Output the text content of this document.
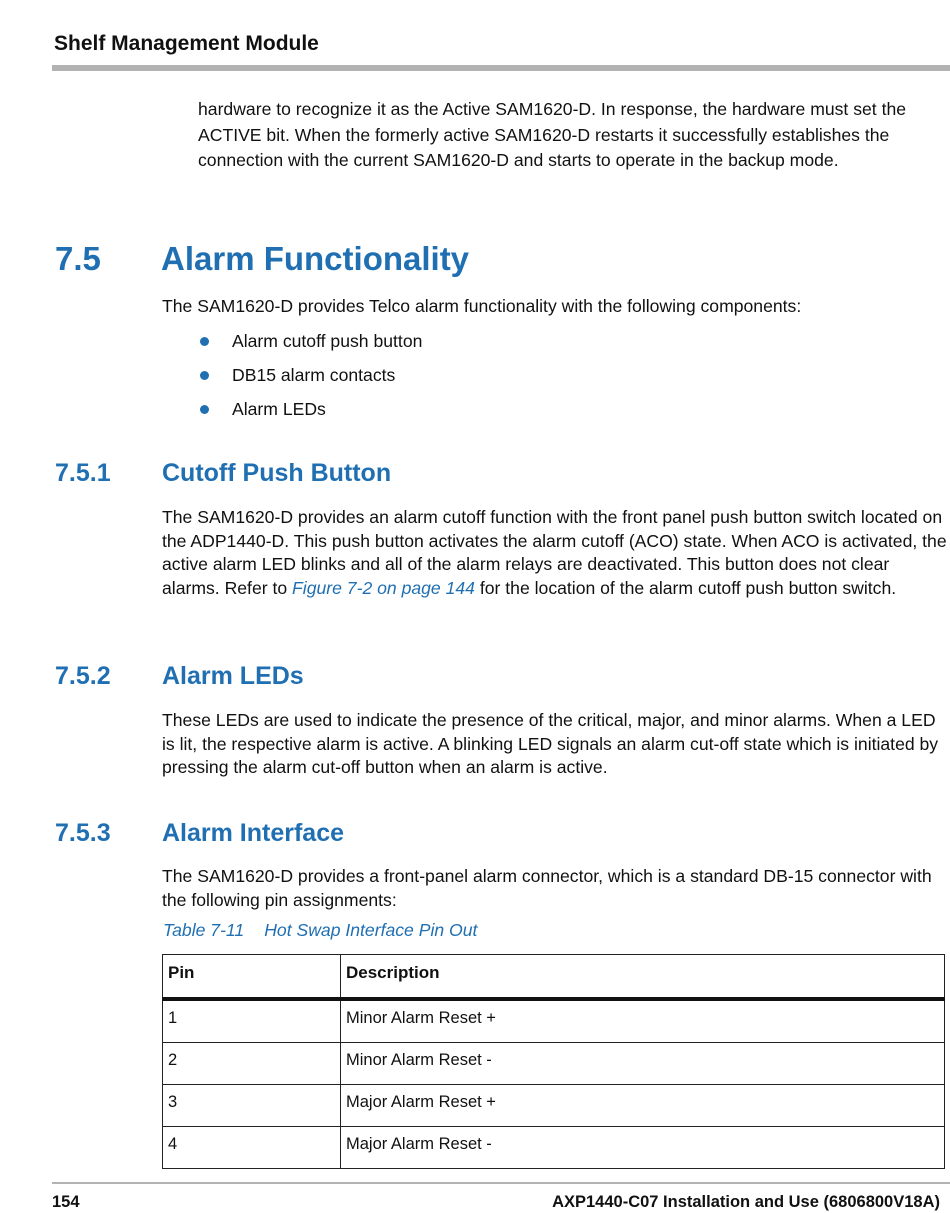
Shelf Management Module
hardware to recognize it as the Active SAM1620-D. In response, the hardware must set the ACTIVE bit. When the formerly active SAM1620-D restarts it successfully establishes the connection with the current SAM1620-D and starts to operate in the backup mode.
7.5 Alarm Functionality
The SAM1620-D provides Telco alarm functionality with the following components:
Alarm cutoff push button
DB15 alarm contacts
Alarm LEDs
7.5.1 Cutoff Push Button
The SAM1620-D provides an alarm cutoff function with the front panel push button switch located on the ADP1440-D. This push button activates the alarm cutoff (ACO) state. When ACO is activated, the active alarm LED blinks and all of the alarm relays are deactivated. This button does not clear alarms. Refer to Figure 7-2 on page 144 for the location of the alarm cutoff push button switch.
7.5.2 Alarm LEDs
These LEDs are used to indicate the presence of the critical, major, and minor alarms. When a LED is lit, the respective alarm is active. A blinking LED signals an alarm cut-off state which is initiated by pressing the alarm cut-off button when an alarm is active.
7.5.3 Alarm Interface
The SAM1620-D provides a front-panel alarm connector, which is a standard DB-15 connector with the following pin assignments:
Table 7-11 Hot Swap Interface Pin Out
Pin	Description
1	Minor Alarm Reset +
2	Minor Alarm Reset -
3	Major Alarm Reset +
4	Major Alarm Reset -
154	AXP1440-C07 Installation and Use (6806800V18A)
